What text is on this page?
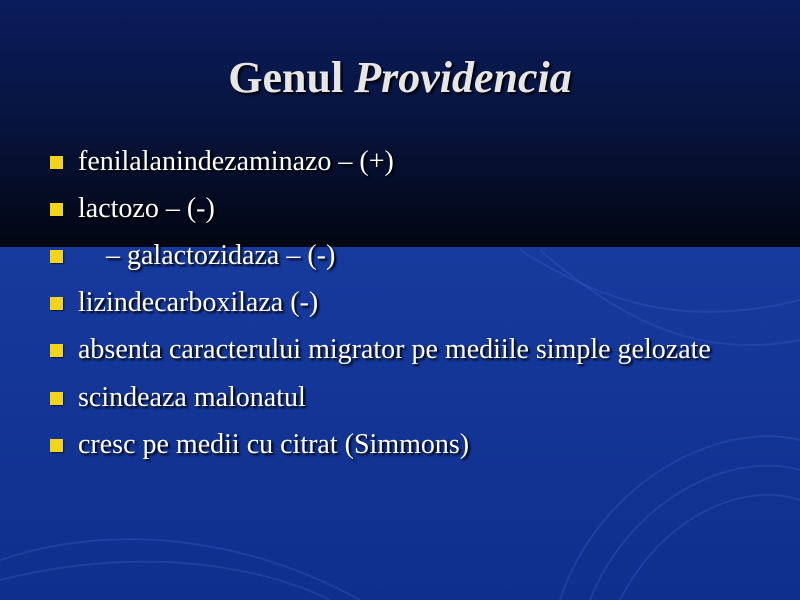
Genul Providencia
fenilalanindezaminazo – (+)
lactozo – (-)
– galactozidaza – (-)
lizindecarboxilaza (-)
absenta caracterului migrator pe mediile simple gelozate
scindeaza malonatul
cresc pe medii cu citrat (Simmons)
